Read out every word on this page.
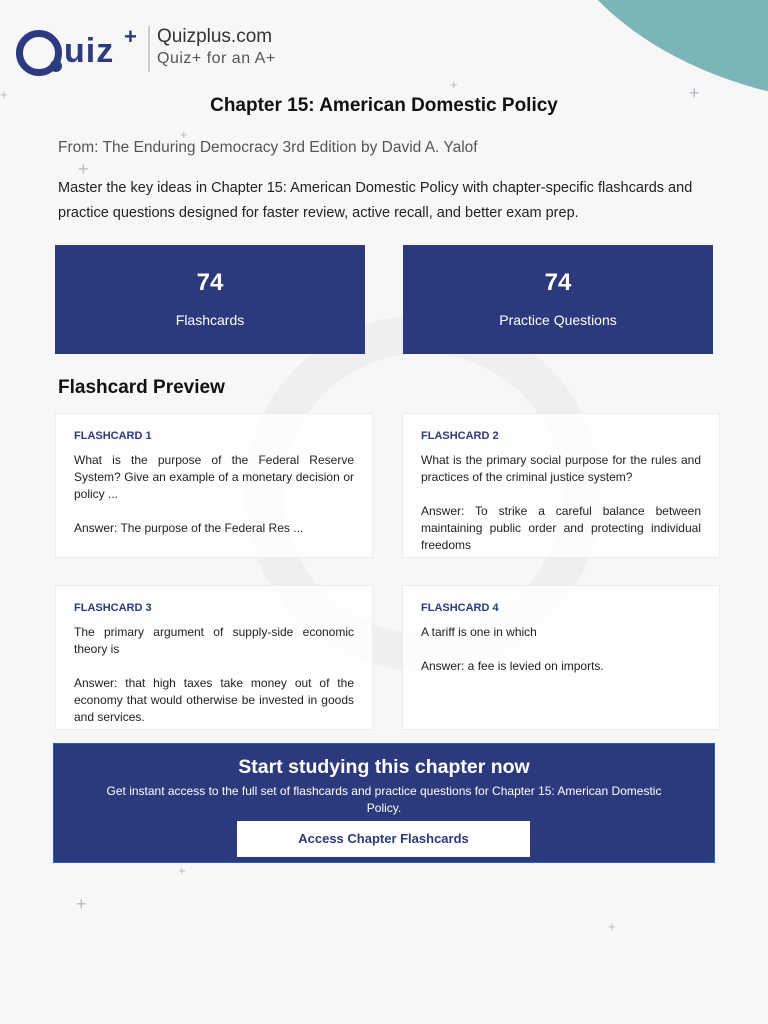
+
+
+	+
+
+
+
+
uiz + Quizplus.com
Quiz+ for an A+
Chapter 15: American Domestic Policy
From: The Enduring Democracy 3rd Edition by David A. Yalof
Master the key ideas in Chapter 15: American Domestic Policy with chapter-specific flashcards and practice questions designed for faster review, active recall, and better exam prep.
74
Flashcards
74
Practice Questions
Flashcard Preview
FLASHCARD 1
What is the purpose of the Federal Reserve System? Give an example of a monetary decision or policy ...
Answer: The purpose of the Federal Res ...
FLASHCARD 2
What is the primary social purpose for the rules and practices of the criminal justice system?
Answer: To strike a careful balance between maintaining public order and protecting individual freedoms
FLASHCARD 3
The primary argument of supply-side economic theory is
Answer: that high taxes take money out of the economy that would otherwise be invested in goods and services.
FLASHCARD 4
A tariff is one in which
Answer: a fee is levied on imports.
Start studying this chapter now
Get instant access to the full set of flashcards and practice questions for Chapter 15: American Domestic Policy.
Access Chapter Flashcards
